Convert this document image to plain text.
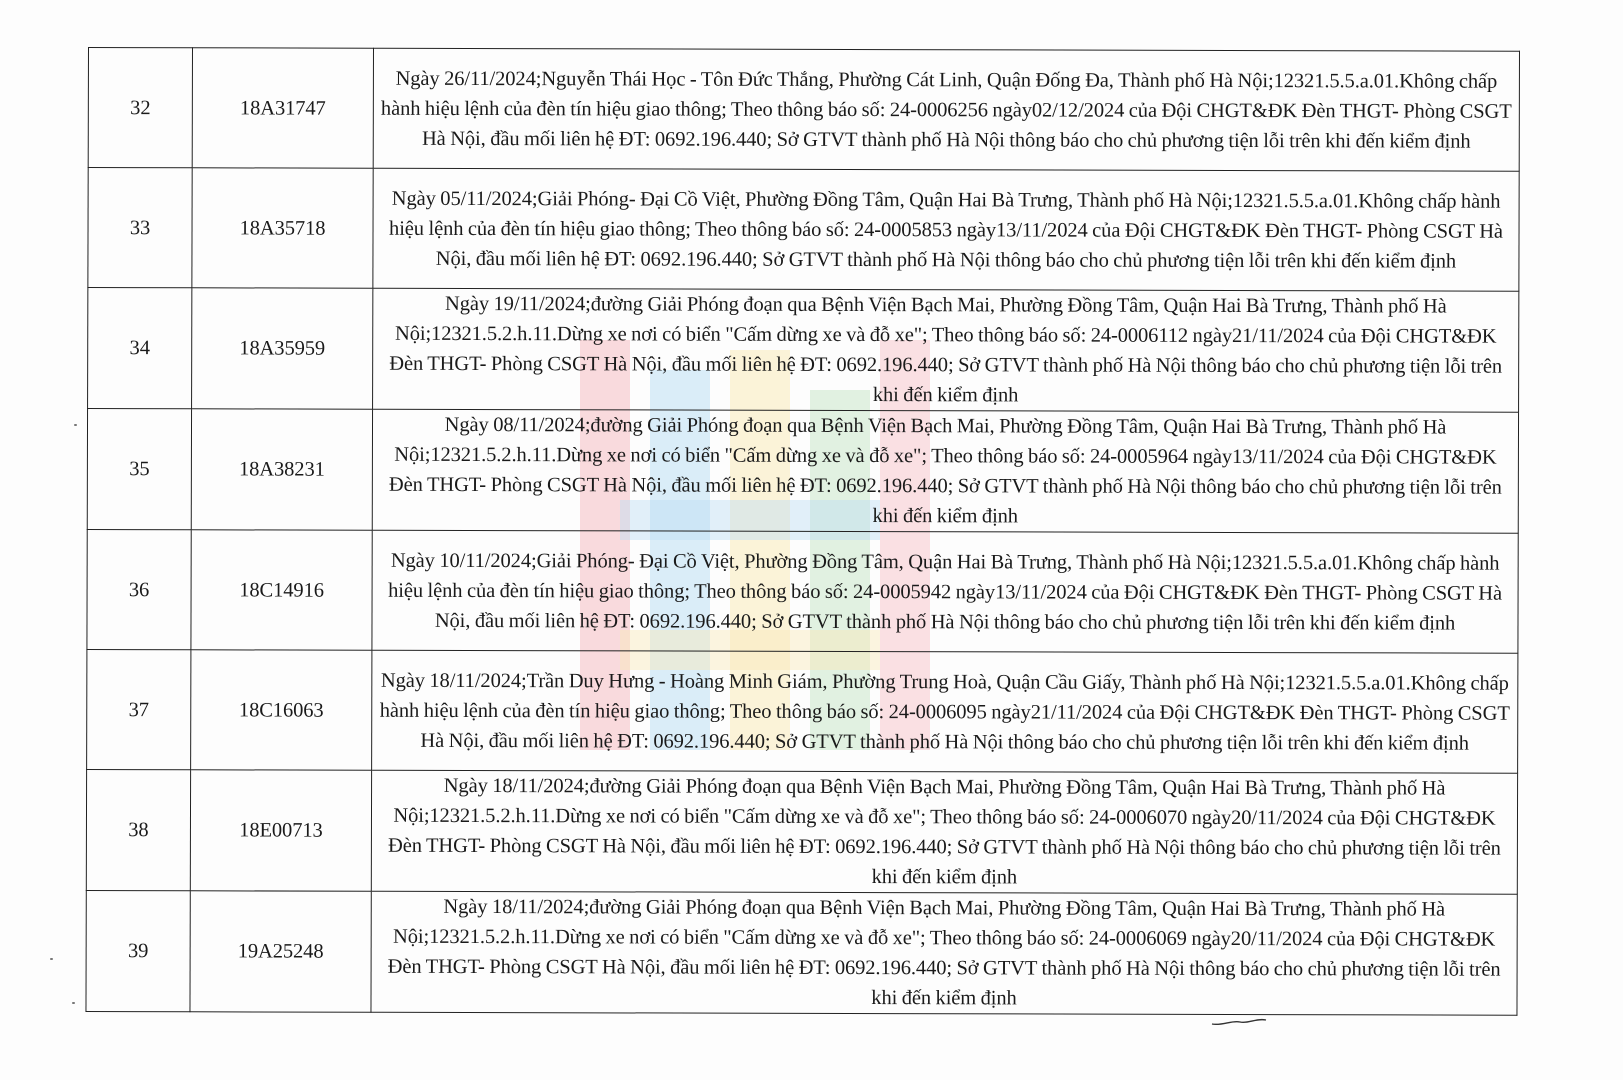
32	18A31747	Ngày 26/11/2024;Nguyễn Thái Học - Tôn Đức Thắng, Phường Cát Linh, Quận Đống Đa, Thành phố Hà Nội;12321.5.5.a.01.Không chấp hành hiệu lệnh của đèn tín hiệu giao thông; Theo thông báo số: 24-0006256 ngày02/12/2024 của Đội CHGT&ĐK Đèn THGT- Phòng CSGT Hà Nội, đầu mối liên hệ ĐT: 0692.196.440; Sở GTVT thành phố Hà Nội thông báo cho chủ phương tiện lỗi trên khi đến kiểm định
33	18A35718	Ngày 05/11/2024;Giải Phóng- Đại Cồ Việt, Phường Đồng Tâm, Quận Hai Bà Trưng, Thành phố Hà Nội;12321.5.5.a.01.Không chấp hành hiệu lệnh của đèn tín hiệu giao thông; Theo thông báo số: 24-0005853 ngày13/11/2024 của Đội CHGT&ĐK Đèn THGT- Phòng CSGT Hà Nội, đầu mối liên hệ ĐT: 0692.196.440; Sở GTVT thành phố Hà Nội thông báo cho chủ phương tiện lỗi trên khi đến kiểm định
34	18A35959	Ngày 19/11/2024;đường Giải Phóng đoạn qua Bệnh Viện Bạch Mai, Phường Đồng Tâm, Quận Hai Bà Trưng, Thành phố Hà Nội;12321.5.2.h.11.Dừng xe nơi có biển "Cấm dừng xe và đỗ xe"; Theo thông báo số: 24-0006112 ngày21/11/2024 của Đội CHGT&ĐK Đèn THGT- Phòng CSGT Hà Nội, đầu mối liên hệ ĐT: 0692.196.440; Sở GTVT thành phố Hà Nội thông báo cho chủ phương tiện lỗi trên khi đến kiểm định
35	18A38231	Ngày 08/11/2024;đường Giải Phóng đoạn qua Bệnh Viện Bạch Mai, Phường Đồng Tâm, Quận Hai Bà Trưng, Thành phố Hà Nội;12321.5.2.h.11.Dừng xe nơi có biển "Cấm dừng xe và đỗ xe"; Theo thông báo số: 24-0005964 ngày13/11/2024 của Đội CHGT&ĐK Đèn THGT- Phòng CSGT Hà Nội, đầu mối liên hệ ĐT: 0692.196.440; Sở GTVT thành phố Hà Nội thông báo cho chủ phương tiện lỗi trên khi đến kiểm định
36	18C14916	Ngày 10/11/2024;Giải Phóng- Đại Cồ Việt, Phường Đồng Tâm, Quận Hai Bà Trưng, Thành phố Hà Nội;12321.5.5.a.01.Không chấp hành hiệu lệnh của đèn tín hiệu giao thông; Theo thông báo số: 24-0005942 ngày13/11/2024 của Đội CHGT&ĐK Đèn THGT- Phòng CSGT Hà Nội, đầu mối liên hệ ĐT: 0692.196.440; Sở GTVT thành phố Hà Nội thông báo cho chủ phương tiện lỗi trên khi đến kiểm định
37	18C16063	Ngày 18/11/2024;Trần Duy Hưng - Hoàng Minh Giám, Phường Trung Hoà, Quận Cầu Giấy, Thành phố Hà Nội;12321.5.5.a.01.Không chấp hành hiệu lệnh của đèn tín hiệu giao thông; Theo thông báo số: 24-0006095 ngày21/11/2024 của Đội CHGT&ĐK Đèn THGT- Phòng CSGT Hà Nội, đầu mối liên hệ ĐT: 0692.196.440; Sở GTVT thành phố Hà Nội thông báo cho chủ phương tiện lỗi trên khi đến kiểm định
38	18E00713	Ngày 18/11/2024;đường Giải Phóng đoạn qua Bệnh Viện Bạch Mai, Phường Đồng Tâm, Quận Hai Bà Trưng, Thành phố Hà Nội;12321.5.2.h.11.Dừng xe nơi có biển "Cấm dừng xe và đỗ xe"; Theo thông báo số: 24-0006070 ngày20/11/2024 của Đội CHGT&ĐK Đèn THGT- Phòng CSGT Hà Nội, đầu mối liên hệ ĐT: 0692.196.440; Sở GTVT thành phố Hà Nội thông báo cho chủ phương tiện lỗi trên khi đến kiểm định
39	19A25248	Ngày 18/11/2024;đường Giải Phóng đoạn qua Bệnh Viện Bạch Mai, Phường Đồng Tâm, Quận Hai Bà Trưng, Thành phố Hà Nội;12321.5.2.h.11.Dừng xe nơi có biển "Cấm dừng xe và đỗ xe"; Theo thông báo số: 24-0006069 ngày20/11/2024 của Đội CHGT&ĐK Đèn THGT- Phòng CSGT Hà Nội, đầu mối liên hệ ĐT: 0692.196.440; Sở GTVT thành phố Hà Nội thông báo cho chủ phương tiện lỗi trên khi đến kiểm định
